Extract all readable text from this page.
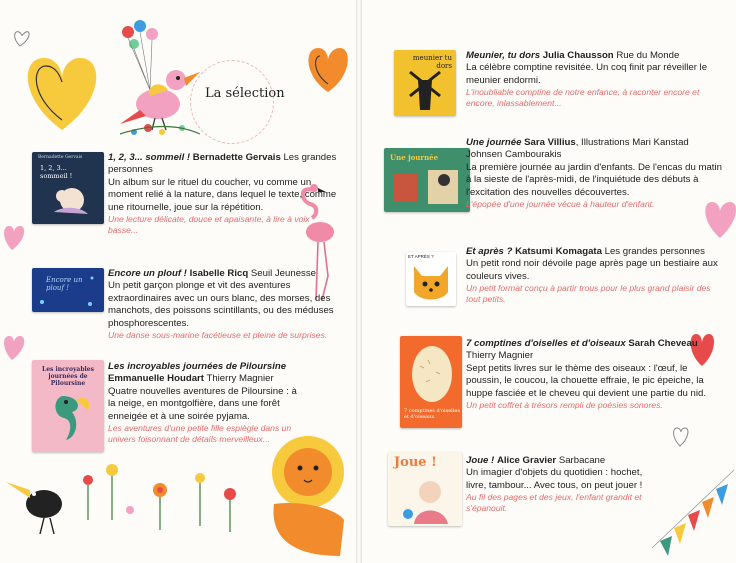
La sélection
1, 2, 3... sommeil !
Bernadette Gervais	1, 2, 3... sommeil ! Bernadette Gervais Les grandes personnes
Un album sur le rituel du coucher, vu comme un moment relié à la nature, dans lequel le texte, comme une ritournelle, joue sur la répétition.
Une lecture délicate, douce et apaisante, à lire à voix basse...
Encore un plouf !
Encore un plouf ! Isabelle Ricq Seuil Jeunesse
Un petit garçon plonge et vit des aventures extraordinaires avec un ours blanc, des morses, des manchots, des poissons scintillants, ou des méduses phosphorescentes.
Une danse sous-marine facétieuse et pleine de surprises.
Les incroyables journées de Piloursine
Les incroyables journées de Piloursine
Emmanuelle Houdart Thierry Magnier
Quatre nouvelles aventures de Piloursine : à la neige, en montgolfière, dans une forêt enneigée et à une soirée pyjama.
Les aventures d'une petite fille espiègle dans un univers foisonnant de détails merveilleux...
meunier tu dors
Meunier, tu dors Julia Chausson Rue du Monde
La célèbre comptine revisitée. Un coq finit par réveiller le meunier endormi.
L'inoubliable comptine de notre enfance, à raconter encore et encore, inlassablement...
Une journée
Une journée Sara Villius, Illustrations Mari Kanstad Johnsen Cambourakis
La première journée au jardin d'enfants. De l'encas du matin à la sieste de l'après-midi, de l'inquiétude des débuts à l'excitation des nouvelles découvertes.
L'épopée d'une journée vécue à hauteur d'enfant.
ET APRÈS ?	Et après ? Katsumi Komagata Les grandes personnes
Un petit rond noir dévoile page après page un bestiaire aux couleurs vives.
Un petit format conçu à partir trous pour le plus grand plaisir des tout petits.
7 comptines d'oiselles et d'oiseaux
7 comptines d'oiselles et d'oiseaux Sarah Cheveau Thierry Magnier
Sept petits livres sur le thème des oiseaux : l'œuf, le poussin, le coucou, la chouette effraie, le pic épeiche, la huppe fasciée et le cheveu qui devient une partie du nid.
Un petit coffret à trésors rempli de poésies sonores.
Joue !	Joue ! Alice Gravier Sarbacane
Un imagier d'objets du quotidien : hochet, livre, tambour... Avec tous, on peut jouer !
Au fil des pages et des jeux, l'enfant grandit et s'épanouit.
